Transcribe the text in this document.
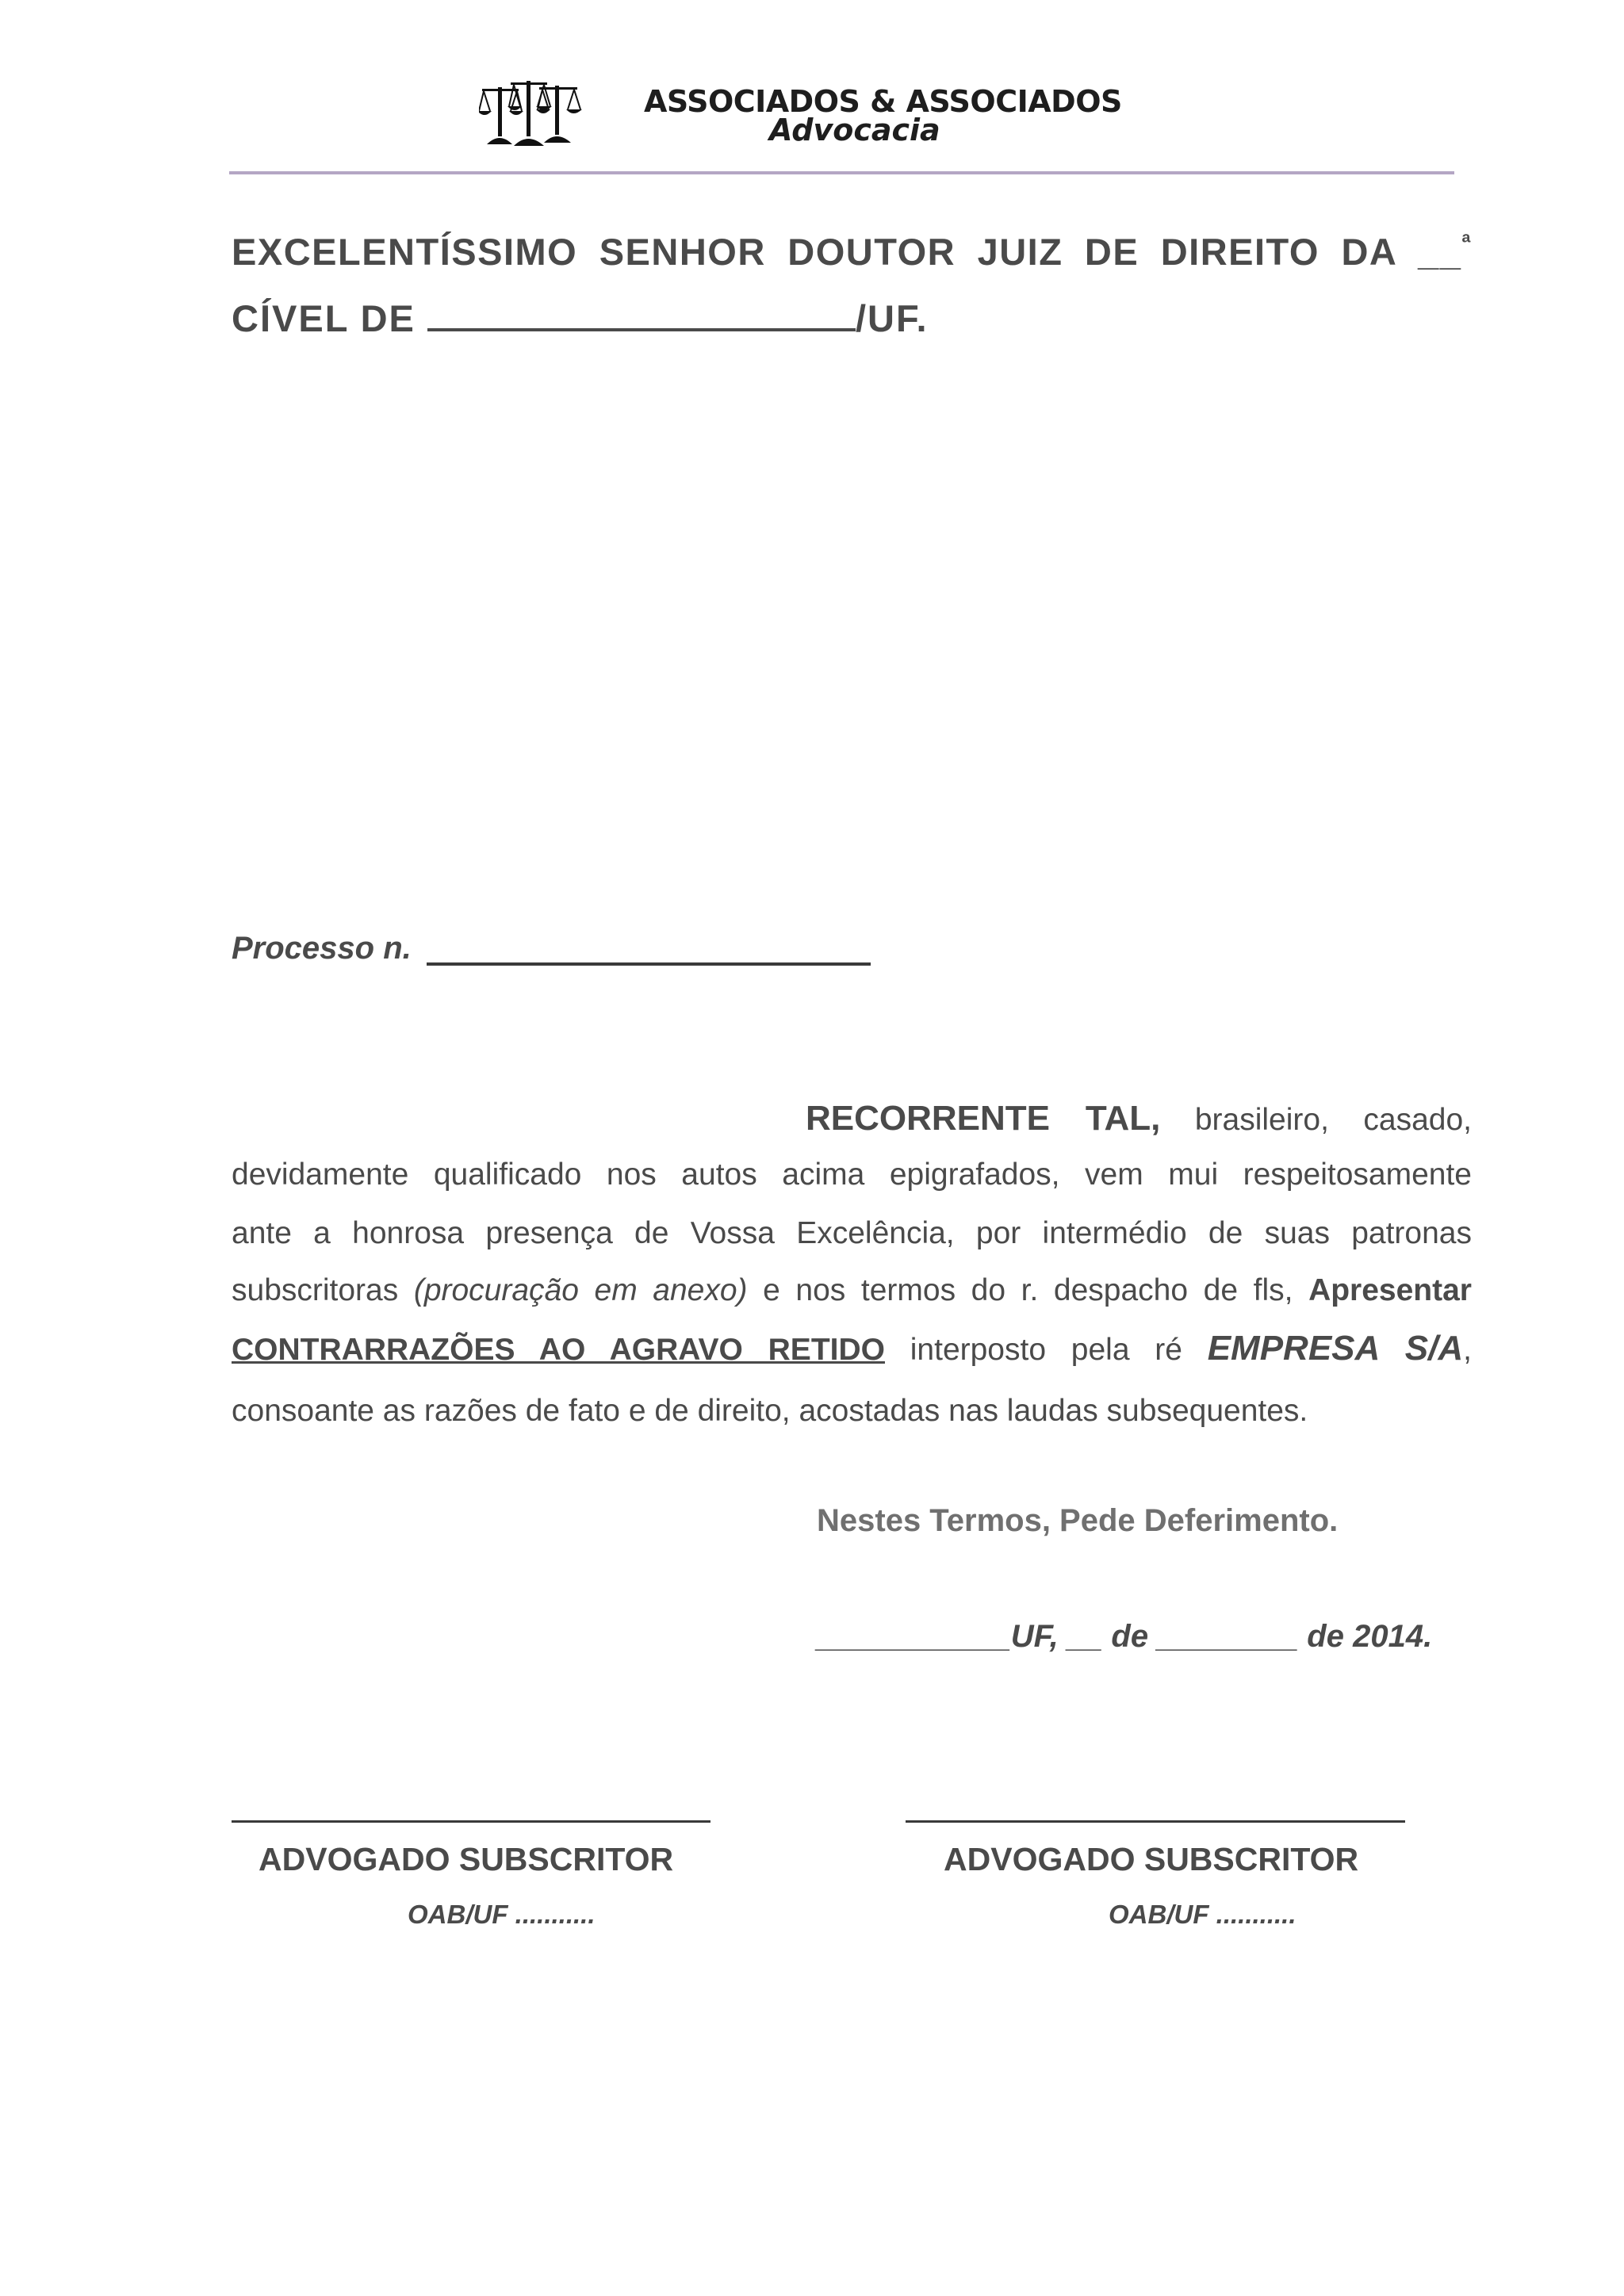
ASSOCIADOS & ASSOCIADOS
Advocacia
EXCELENTÍSSIMO SENHOR DOUTOR JUIZ DE DIREITO DA __$^ª$
CÍVEL DE	/UF.
Processo n.
RECORRENTE TAL, brasileiro, casado,
devidamente qualificado nos autos acima epigrafados, vem mui respeitosamente
ante a honrosa presença de Vossa Excelência, por intermédio de suas patronas
subscritoras (procuração em anexo) e nos termos do r. despacho de fls, Apresentar
CONTRARRAZÕES AO AGRAVO RETIDO interposto pela ré EMPRESA S/A,
consoante as razões de fato e de direito, acostadas nas laudas subsequentes.
Nestes Termos, Pede Deferimento.
___________UF, __ de ________ de 2014.
ADVOGADO SUBSCRITOR	ADVOGADO SUBSCRITOR
OAB/UF ...........	OAB/UF ...........
